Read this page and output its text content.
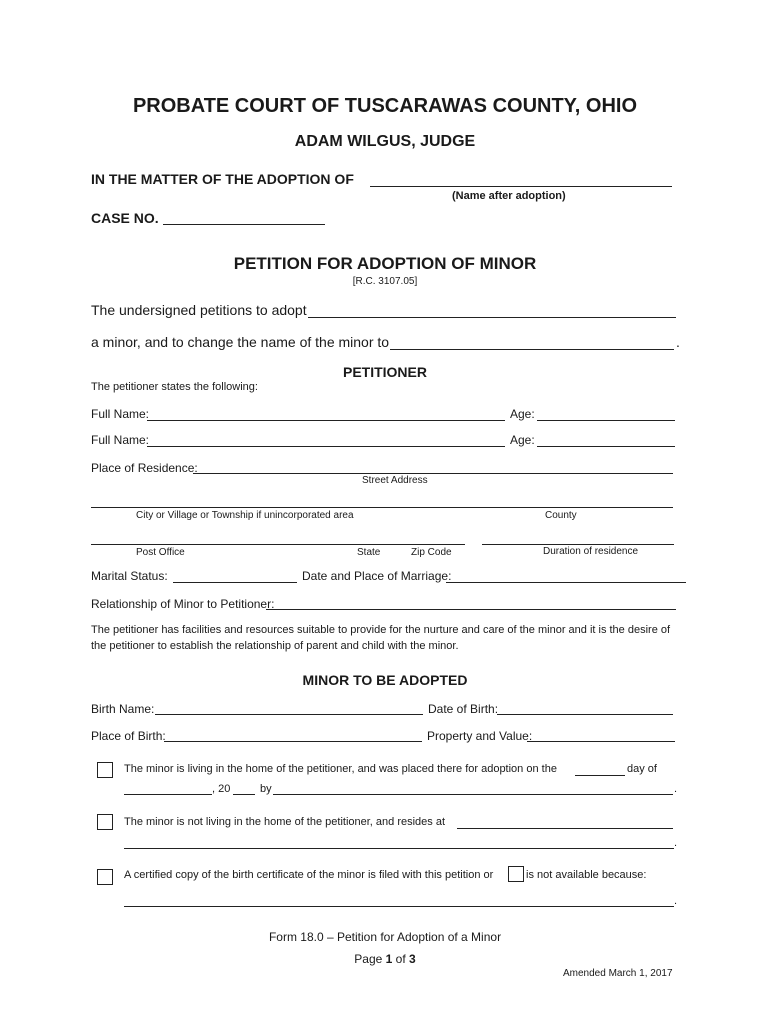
PROBATE COURT OF TUSCARAWAS COUNTY, OHIO
ADAM WILGUS, JUDGE
IN THE MATTER OF THE ADOPTION OF
(Name after adoption)
CASE NO.
PETITION FOR ADOPTION OF MINOR
[R.C. 3107.05]
The undersigned petitions to adopt
a minor, and to change the name of the minor to	.
PETITIONER
The petitioner states the following:
Full Name:	Age:
Full Name:	Age:
Place of Residence:
Street Address
City or Village or Township if unincorporated area	County
Post Office	State	Zip Code	Duration of residence
Marital Status:	Date and Place of Marriage:
Relationship of Minor to Petitioner:
The petitioner has facilities and resources suitable to provide for the nurture and care of the minor and it is the desire of
the petitioner to establish the relationship of parent and child with the minor.
MINOR TO BE ADOPTED
Birth Name:	Date of Birth:
Place of Birth:	Property and Value:
The minor is living in the home of the petitioner, and was placed there for adoption on the	day of
, 20	by	.
The minor is not living in the home of the petitioner, and resides at
.
A certified copy of the birth certificate of the minor is filed with this petition or	is not available because:
.
Form 18.0 – Petition for Adoption of a Minor
Page 1 of 3
Amended March 1, 2017
